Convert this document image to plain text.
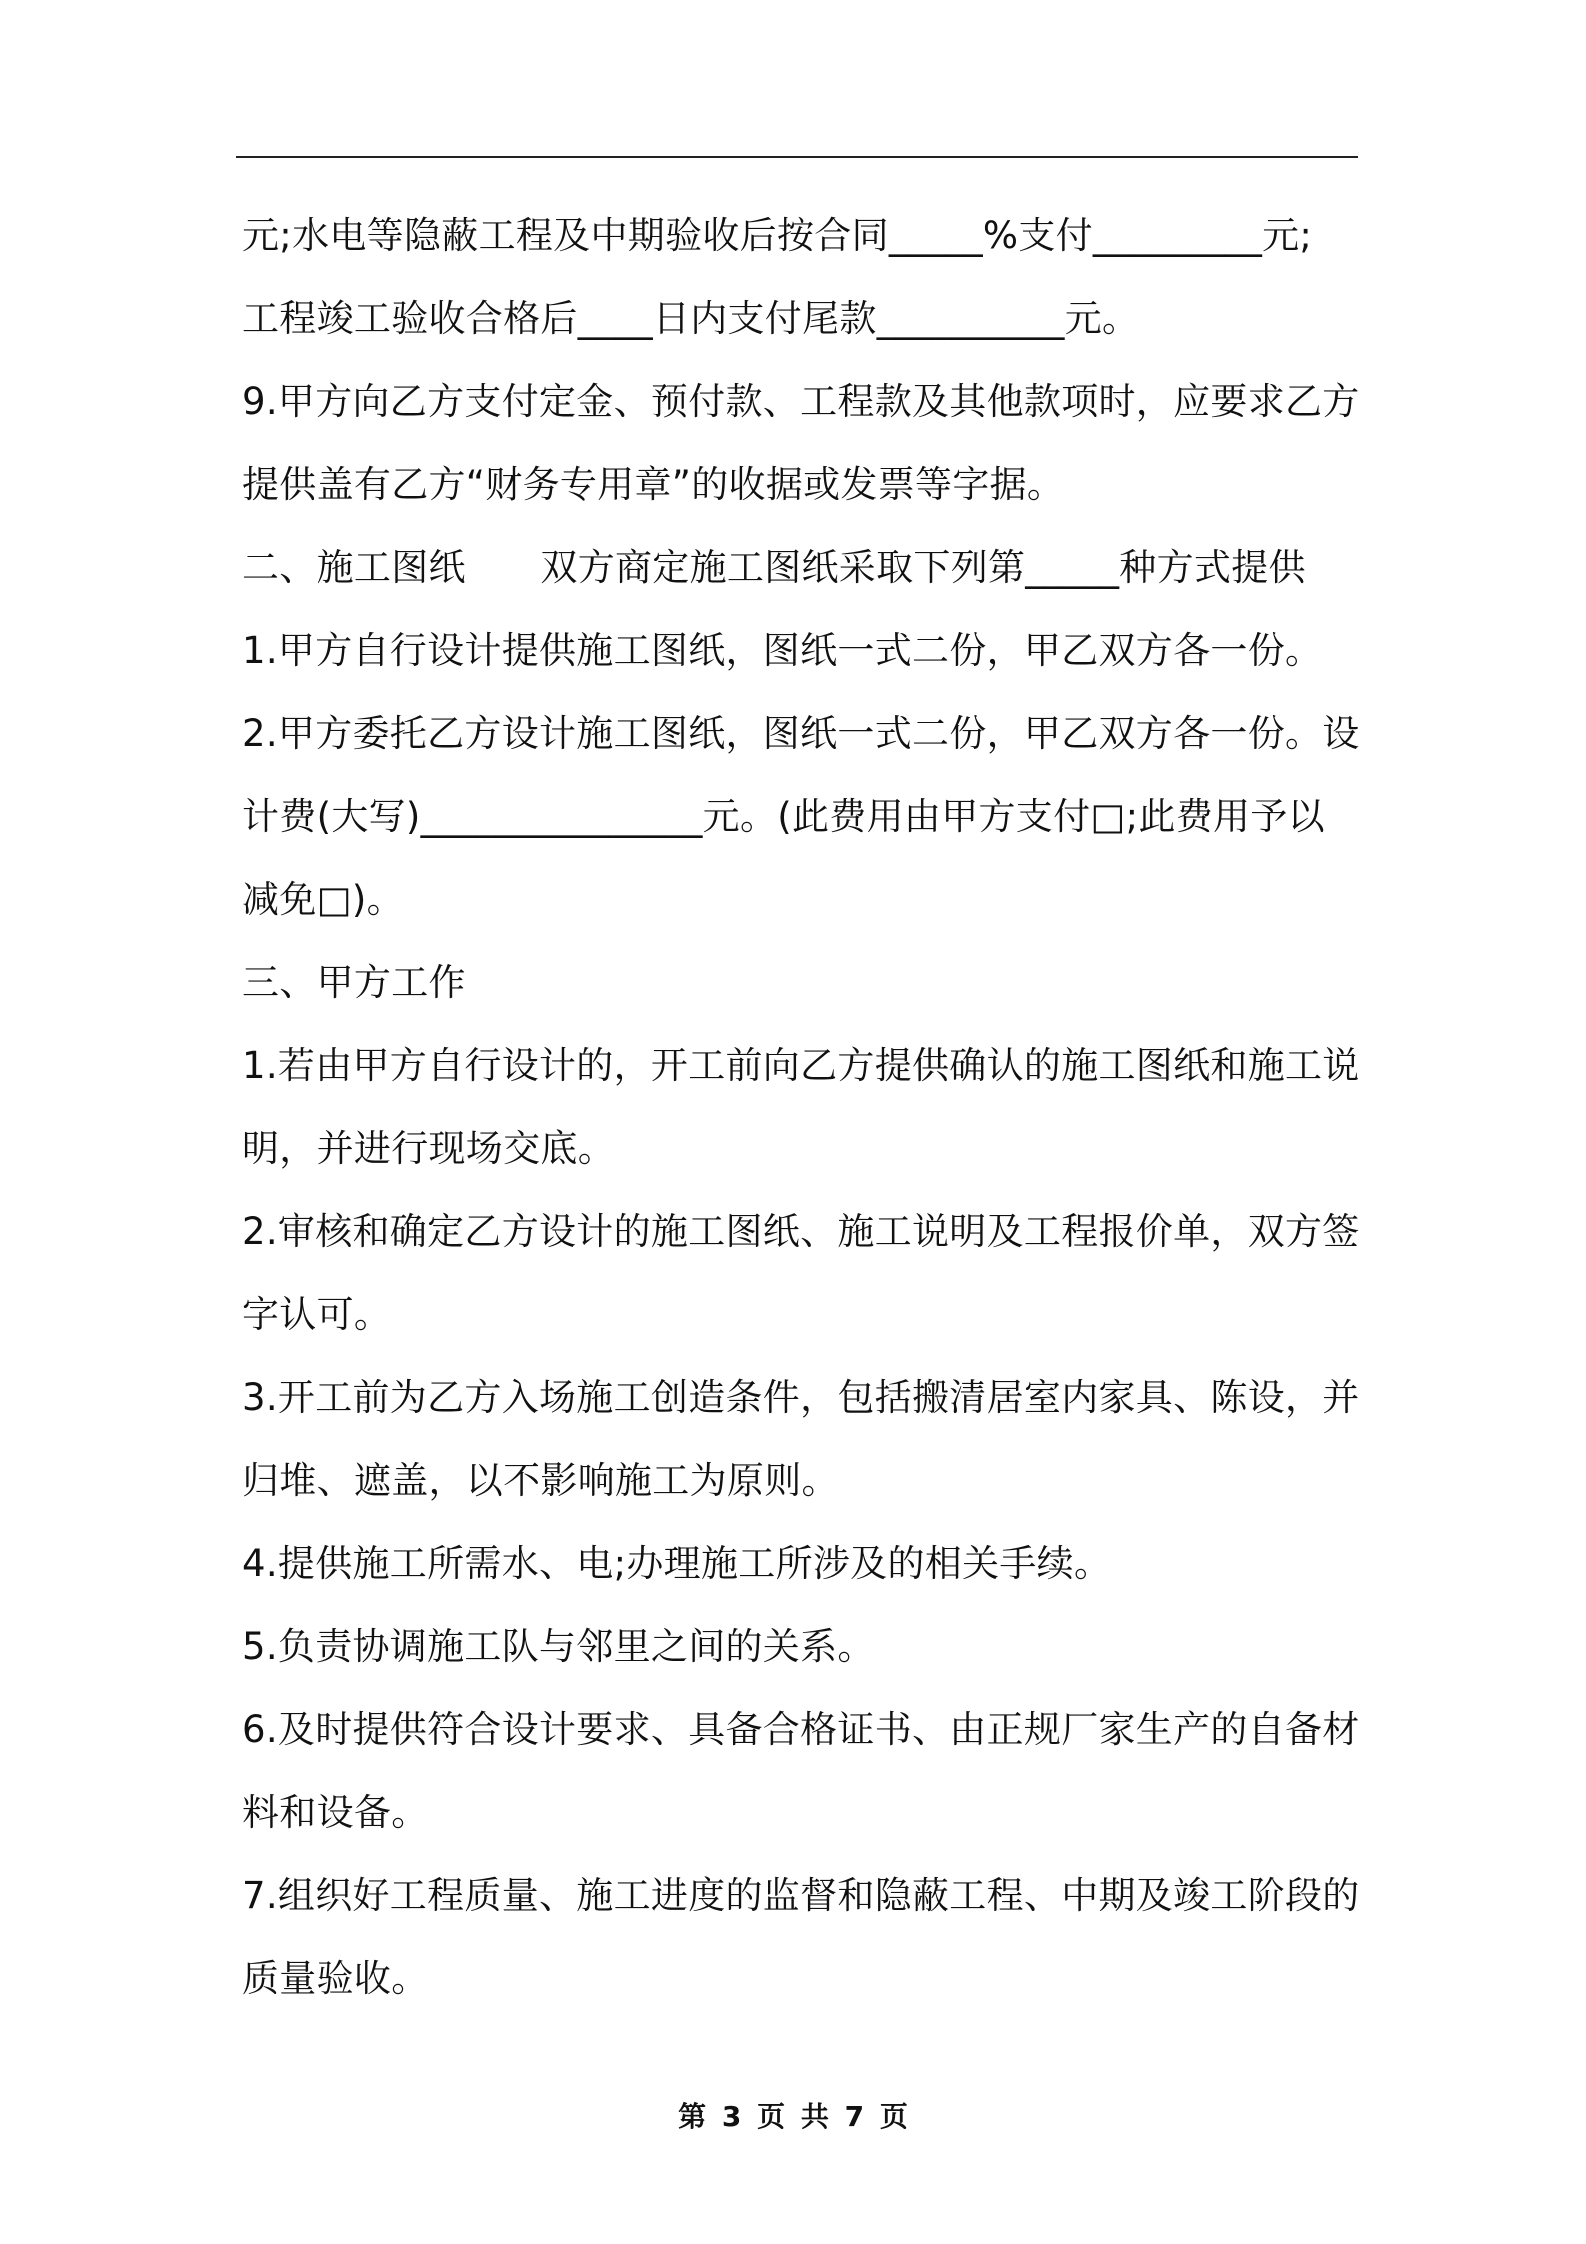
元;水电等隐蔽工程及中期验收后按合同_____%支付_________元;
工程竣工验收合格后____日内支付尾款__________元。
9.甲方向乙方支付定金、预付款、工程款及其他款项时，应要求乙方
提供盖有乙方“财务专用章”的收据或发票等字据。
二、施工图纸　　双方商定施工图纸采取下列第_____种方式提供
1.甲方自行设计提供施工图纸，图纸一式二份，甲乙双方各一份。
2.甲方委托乙方设计施工图纸，图纸一式二份，甲乙双方各一份。设
计费(大写)_______________元。(此费用由甲方支付□;此费用予以
减免□)。
三、甲方工作
1.若由甲方自行设计的，开工前向乙方提供确认的施工图纸和施工说
明，并进行现场交底。
2.审核和确定乙方设计的施工图纸、施工说明及工程报价单，双方签
字认可。
3.开工前为乙方入场施工创造条件，包括搬清居室内家具、陈设，并
归堆、遮盖，以不影响施工为原则。
4.提供施工所需水、电;办理施工所涉及的相关手续。
5.负责协调施工队与邻里之间的关系。
6.及时提供符合设计要求、具备合格证书、由正规厂家生产的自备材
料和设备。
7.组织好工程质量、施工进度的监督和隐蔽工程、中期及竣工阶段的
质量验收。
第 3 页 共 7 页
